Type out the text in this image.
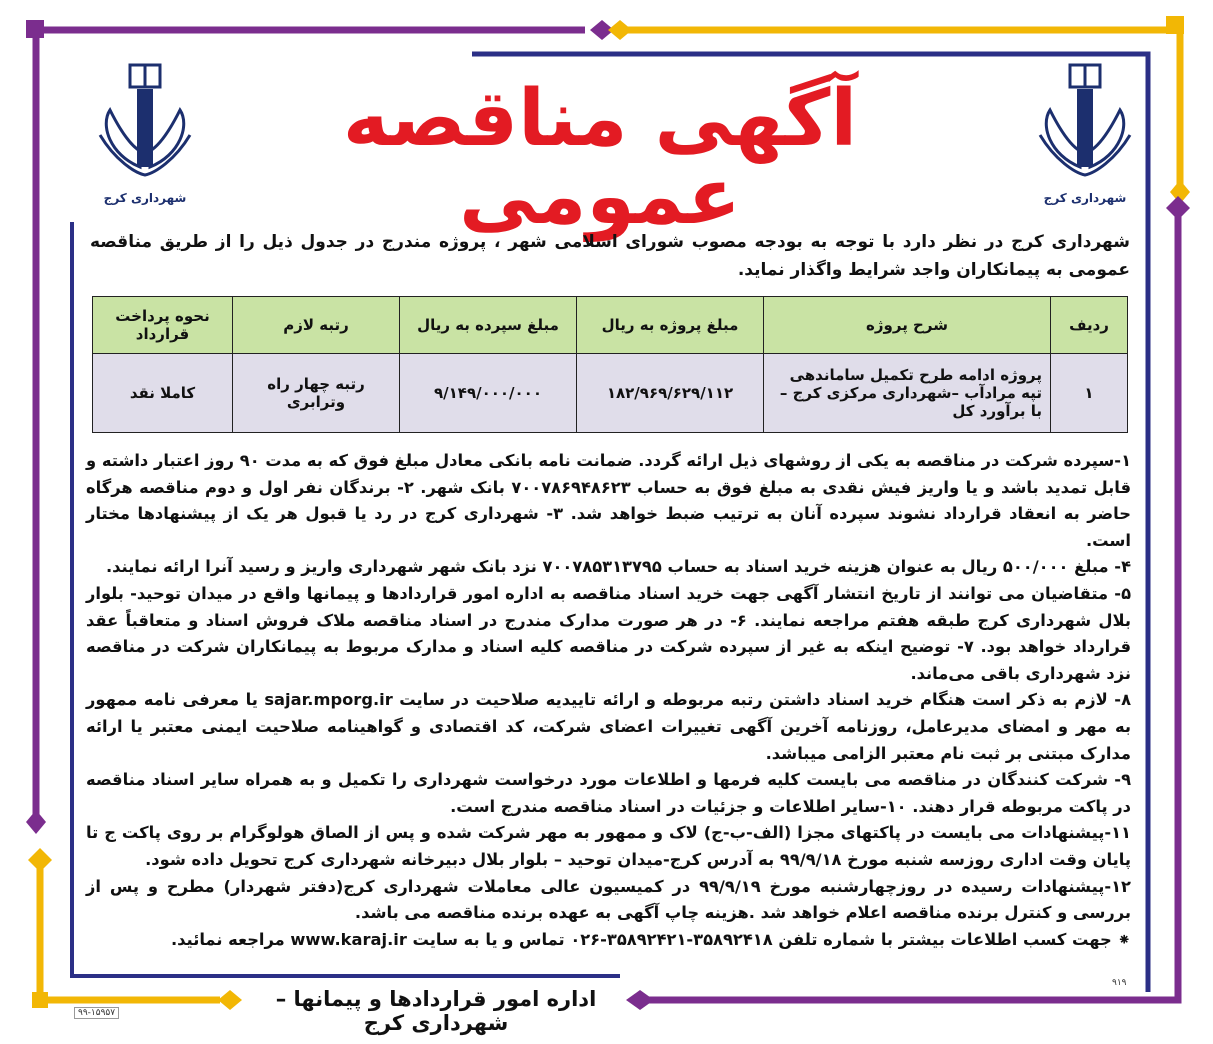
شهرداری کرج	شهرداری کرج
آگهی مناقصه عمومی
شهرداری کرج در نظر دارد با توجه به بودجه مصوب شورای اسلامی شهر ، پروژه مندرج در جدول ذیل را از طریق مناقصه عمومی به پیمانکاران واجد شرایط واگذار نماید.
ردیف	شرح پروژه	مبلغ پروژه به ریال	مبلغ سپرده به ریال	رتبه لازم	نحوه پرداخت قرارداد
۱	پروژه ادامه طرح تکمیل ساماندهی تپه مرادآب –شهرداری مرکزی کرج – با برآورد کل	۱۸۲/۹۶۹/۶۲۹/۱۱۲	۹/۱۴۹/۰۰۰/۰۰۰	رتبه چهار راه وترابری	کاملا نقد

۱-سپرده شرکت در مناقصه به یکی از روشهای ذیل ارائه گردد. ضمانت نامه بانکی معادل مبلغ فوق که به مدت ۹۰ روز اعتبار داشته و قابل تمدید باشد و یا واریز فیش نقدی به مبلغ فوق به حساب ۷۰۰۷۸۶۹۴۸۶۲۳ بانک شهر. ۲- برندگان نفر اول و دوم مناقصه هرگاه حاضر به انعقاد قرارداد نشوند سپرده آنان به ترتیب ضبط خواهد شد. ۳- شهرداری کرج در رد یا قبول هر یک از پیشنهادها مختار است.

۴- مبلغ ۵۰۰/۰۰۰ ریال به عنوان هزینه خرید اسناد به حساب ۷۰۰۷۸۵۳۱۳۷۹۵ نزد بانک شهر شهرداری واریز و رسید آنرا ارائه نمایند.

۵- متقاضیان می توانند از تاریخ انتشار آگهی جهت خرید اسناد مناقصه به اداره امور قراردادها و پیمانها واقع در میدان توحید- بلوار بلال شهرداری کرج طبقه هفتم مراجعه نمایند. ۶- در هر صورت مدارک مندرج در اسناد مناقصه ملاک فروش اسناد و متعاقباً عقد قرارداد خواهد بود. ۷- توضیح اینکه به غیر از سپرده شرکت در مناقصه کلیه اسناد و مدارک مربوط به پیمانکاران شرکت در مناقصه نزد شهرداری باقی می‌ماند.

۸- لازم به ذکر است هنگام خرید اسناد داشتن رتبه مربوطه و ارائه تاییدیه صلاحیت در سایت sajar.mporg.ir یا معرفی نامه ممهور به مهر و امضای مدیرعامل، روزنامه آخرین آگهی تغییرات اعضای شرکت، کد اقتصادی و گواهینامه صلاحیت ایمنی معتبر یا ارائه مدارک مبتنی بر ثبت نام معتبر الزامی میباشد.

۹- شرکت کنندگان در مناقصه می بایست کلیه فرمها و اطلاعات مورد درخواست شهرداری را تکمیل و به همراه سایر اسناد مناقصه در پاکت مربوطه قرار دهند. ۱۰-سایر اطلاعات و جزئیات در اسناد مناقصه مندرج است.

۱۱-پیشنهادات می بایست در پاکتهای مجزا (الف-ب-ج) لاک و ممهور به مهر شرکت شده و پس از الصاق هولوگرام بر روی پاکت ج تا پایان وقت اداری روزسه شنبه مورخ ۹۹/۹/۱۸ به آدرس کرج-میدان توحید – بلوار بلال دبیرخانه شهرداری کرج تحویل داده شود.

۱۲-پیشنهادات رسیده در روزچهارشنبه مورخ ۹۹/۹/۱۹ در کمیسیون عالی معاملات شهرداری کرج(دفتر شهردار) مطرح و پس از بررسی و کنترل برنده مناقصه اعلام خواهد شد .هزینه چاپ آگهی به عهده برنده مناقصه می باشد.

⁕ جهت کسب اطلاعات بیشتر با شماره تلفن ۳۵۸۹۲۴۱۸-۳۵۸۹۲۴۲۱-۰۲۶ تماس و یا به سایت www.karaj.ir مراجعه نمائید.

۹۱۹
اداره امور قراردادها و پیمانها – شهرداری کرج
۹۹-۱۵۹۵۷
